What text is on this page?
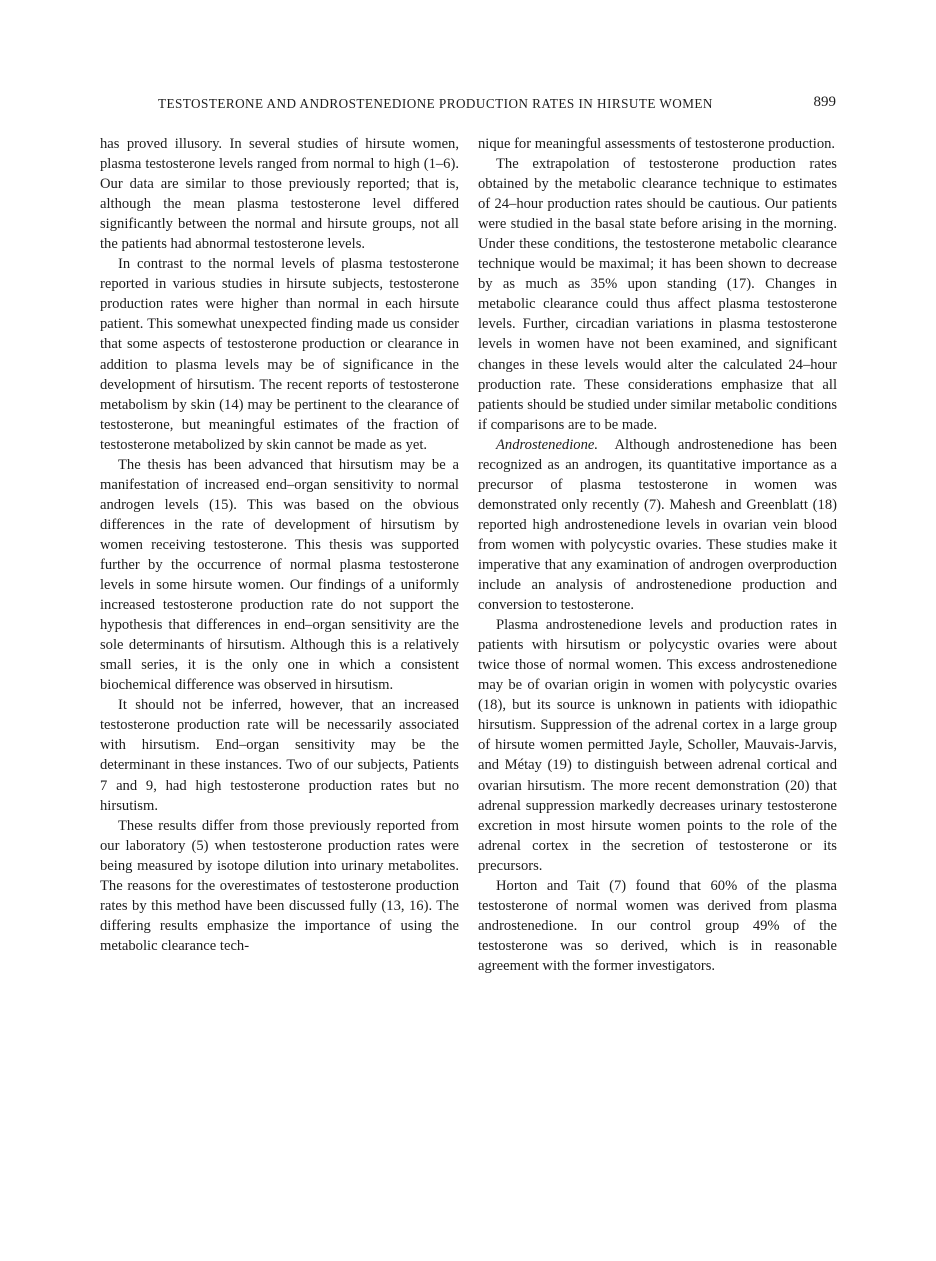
TESTOSTERONE AND ANDROSTENEDIONE PRODUCTION RATES IN HIRSUTE WOMEN	899

has proved illusory. In several studies of hirsute women, plasma testosterone levels ranged from normal to high (1–6). Our data are similar to those previously reported; that is, although the mean plasma testosterone level differed significantly between the normal and hirsute groups, not all the patients had abnormal testosterone levels.

In contrast to the normal levels of plasma testosterone reported in various studies in hirsute subjects, testosterone production rates were higher than normal in each hirsute patient. This somewhat unexpected finding made us consider that some aspects of testosterone production or clearance in addition to plasma levels may be of significance in the development of hirsutism. The recent reports of testosterone metabolism by skin (14) may be pertinent to the clearance of testosterone, but meaningful estimates of the fraction of testosterone metabolized by skin cannot be made as yet.

The thesis has been advanced that hirsutism may be a manifestation of increased end–organ sensitivity to normal androgen levels (15). This was based on the obvious differences in the rate of development of hirsutism by women receiving testosterone. This thesis was supported further by the occurrence of normal plasma testosterone levels in some hirsute women. Our findings of a uniformly increased testosterone production rate do not support the hypothesis that differences in end–organ sensitivity are the sole determinants of hirsutism. Although this is a relatively small series, it is the only one in which a consistent biochemical difference was observed in hirsutism.

It should not be inferred, however, that an increased testosterone production rate will be necessarily associated with hirsutism. End–organ sensitivity may be the determinant in these instances. Two of our subjects, Patients 7 and 9, had high testosterone production rates but no hirsutism.

These results differ from those previously reported from our laboratory (5) when testosterone production rates were being measured by isotope dilution into urinary metabolites. The reasons for the overestimates of testosterone production rates by this method have been discussed fully (13, 16). The differing results emphasize the importance of using the metabolic clearance tech-

nique for meaningful assessments of testosterone production.

The extrapolation of testosterone production rates obtained by the metabolic clearance technique to estimates of 24–hour production rates should be cautious. Our patients were studied in the basal state before arising in the morning. Under these conditions, the testosterone metabolic clearance technique would be maximal; it has been shown to decrease by as much as 35% upon standing (17). Changes in metabolic clearance could thus affect plasma testosterone levels. Further, circadian variations in plasma testosterone levels in women have not been examined, and significant changes in these levels would alter the calculated 24–hour production rate. These considerations emphasize that all patients should be studied under similar metabolic conditions if comparisons are to be made.

Androstenedione. Although androstenedione has been recognized as an androgen, its quantitative importance as a precursor of plasma testosterone in women was demonstrated only recently (7). Mahesh and Greenblatt (18) reported high androstenedione levels in ovarian vein blood from women with polycystic ovaries. These studies make it imperative that any examination of androgen overproduction include an analysis of androstenedione production and conversion to testosterone.

Plasma androstenedione levels and production rates in patients with hirsutism or polycystic ovaries were about twice those of normal women. This excess androstenedione may be of ovarian origin in women with polycystic ovaries (18), but its source is unknown in patients with idiopathic hirsutism. Suppression of the adrenal cortex in a large group of hirsute women permitted Jayle, Scholler, Mauvais-Jarvis, and Métay (19) to distinguish between adrenal cortical and ovarian hirsutism. The more recent demonstration (20) that adrenal suppression markedly decreases urinary testosterone excretion in most hirsute women points to the role of the adrenal cortex in the secretion of testosterone or its precursors.

Horton and Tait (7) found that 60% of the plasma testosterone of normal women was derived from plasma androstenedione. In our control group 49% of the testosterone was so derived, which is in reasonable agreement with the former investigators.
